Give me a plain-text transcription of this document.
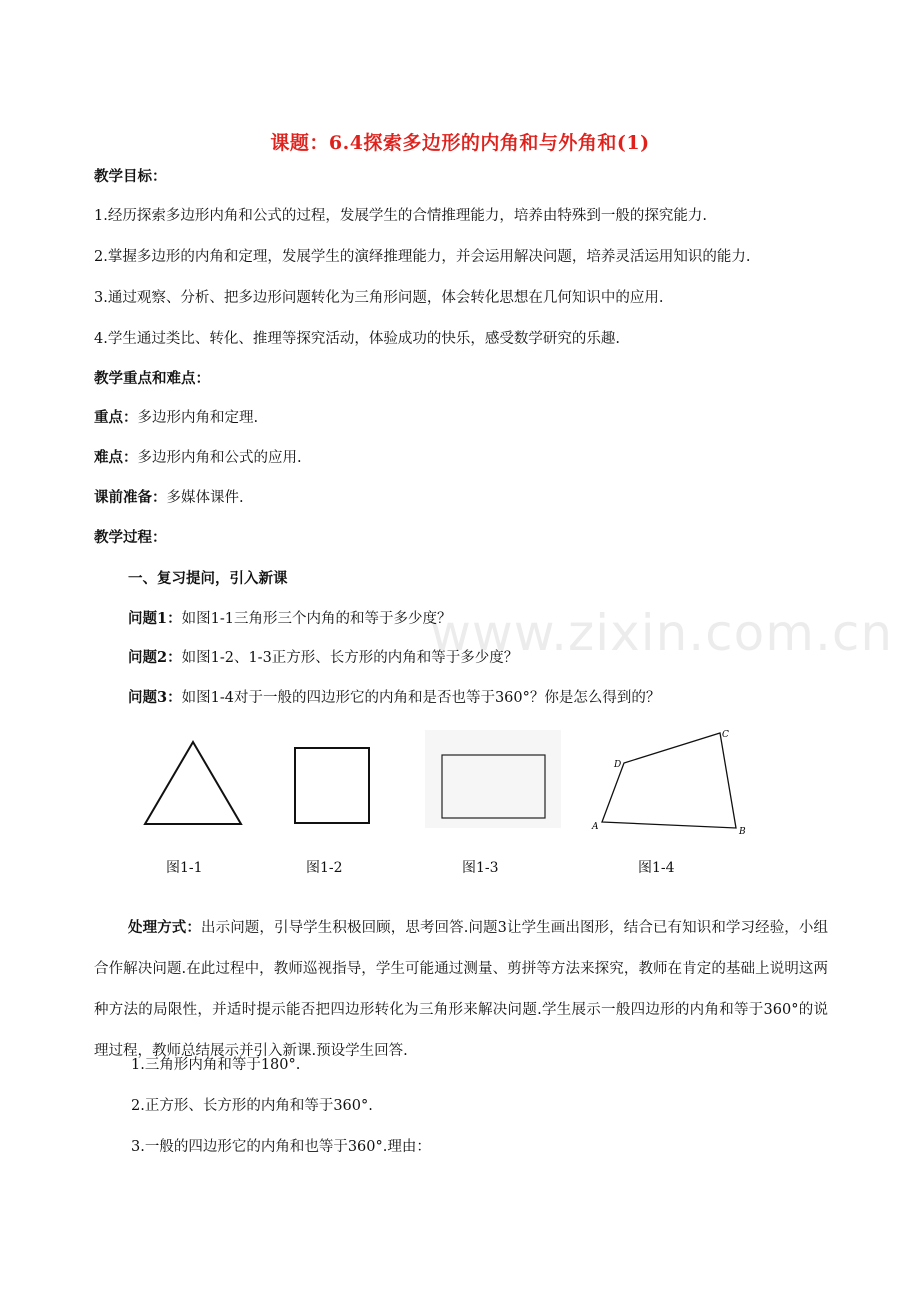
课题：6.4探索多边形的内角和与外角和(1)
教学目标：
1.经历探索多边形内角和公式的过程，发展学生的合情推理能力，培养由特殊到一般的探究能力.
2.掌握多边形的内角和定理，发展学生的演绎推理能力，并会运用解决问题，培养灵活运用知识的能力.
3.通过观察、分析、把多边形问题转化为三角形问题，体会转化思想在几何知识中的应用.
4.学生通过类比、转化、推理等探究活动，体验成功的快乐，感受数学研究的乐趣.
教学重点和难点：
重点：多边形内角和定理.
难点：多边形内角和公式的应用.
课前准备：多媒体课件.
教学过程：
一、复习提问，引入新课
www.zixin.com.cn
问题1：如图1-1三角形三个内角的和等于多少度？
问题2：如图1-2、1-3正方形、长方形的内角和等于多少度？
问题3：如图1-4对于一般的四边形它的内角和是否也等于360°？你是怎么得到的？
A	B
C
D
图1-1	图1-2	图1-3	图1-4
处理方式：出示问题，引导学生积极回顾，思考回答.问题3让学生画出图形，结合已有知识和学习经验，小组合作解决问题.在此过程中，教师巡视指导，学生可能通过测量、剪拼等方法来探究，教师在肯定的基础上说明这两种方法的局限性，并适时提示能否把四边形转化为三角形来解决问题.学生展示一般四边形的内角和等于360°的说理过程，教师总结展示并引入新课.预设学生回答.
1.三角形内角和等于180°.
2.正方形、长方形的内角和等于360°.
3.一般的四边形它的内角和也等于360°.理由：
